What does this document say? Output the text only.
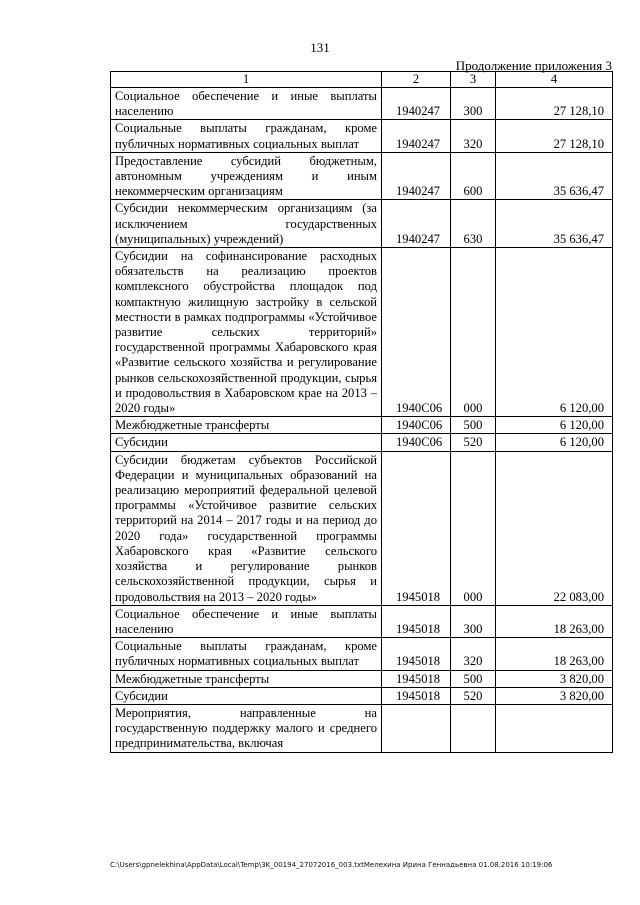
131
Продолжение приложения 3
1	2	3	4
Социальное обеспечение и иные выплаты населению	1940247	300	27 128,10
Социальные выплаты гражданам, кроме публичных нормативных социальных выплат	1940247	320	27 128,10
Предоставление субсидий бюджетным, автономным учреждениям и иным некоммерческим организациям	1940247	600	35 636,47
Субсидии некоммерческим организациям (за исключением государственных (муниципальных) учреждений)	1940247	630	35 636,47
Субсидии на софинансирование расходных обязательств на реализацию проектов комплексного обустройства площадок под компактную жилищную застройку в сельской местности в рамках подпрограммы «Устойчивое развитие сельских территорий» государственной программы Хабаровского края «Развитие сельского хозяйства и регулирование рынков сельскохозяйственной продукции, сырья и продовольствия в Хабаровском крае на 2013 – 2020 годы»	1940С06	000	6 120,00
Межбюджетные трансферты	1940С06	500	6 120,00
Субсидии	1940С06	520	6 120,00
Субсидии бюджетам субъектов Российской Федерации и муниципальных образований на реализацию мероприятий федеральной целевой программы «Устойчивое развитие сельских территорий на 2014 – 2017 годы и на период до 2020 года» государственной программы Хабаровского края «Развитие сельского хозяйства и регулирование рынков сельскохозяйственной продукции, сырья и продовольствия на 2013 – 2020 годы»	1945018	000	22 083,00
Социальное обеспечение и иные выплаты населению	1945018	300	18 263,00
Социальные выплаты гражданам, кроме публичных нормативных социальных выплат	1945018	320	18 263,00
Межбюджетные трансферты	1945018	500	3 820,00
Субсидии	1945018	520	3 820,00
Мероприятия, направленные на государственную поддержку малого и среднего предпринимательства, включая			
C:\Users\gpnelekhina\AppData\Local\Temp\3K_00194_27072016_003.txtМелехина Ирина Геннадьевна 01.08.2016 10:19:06
